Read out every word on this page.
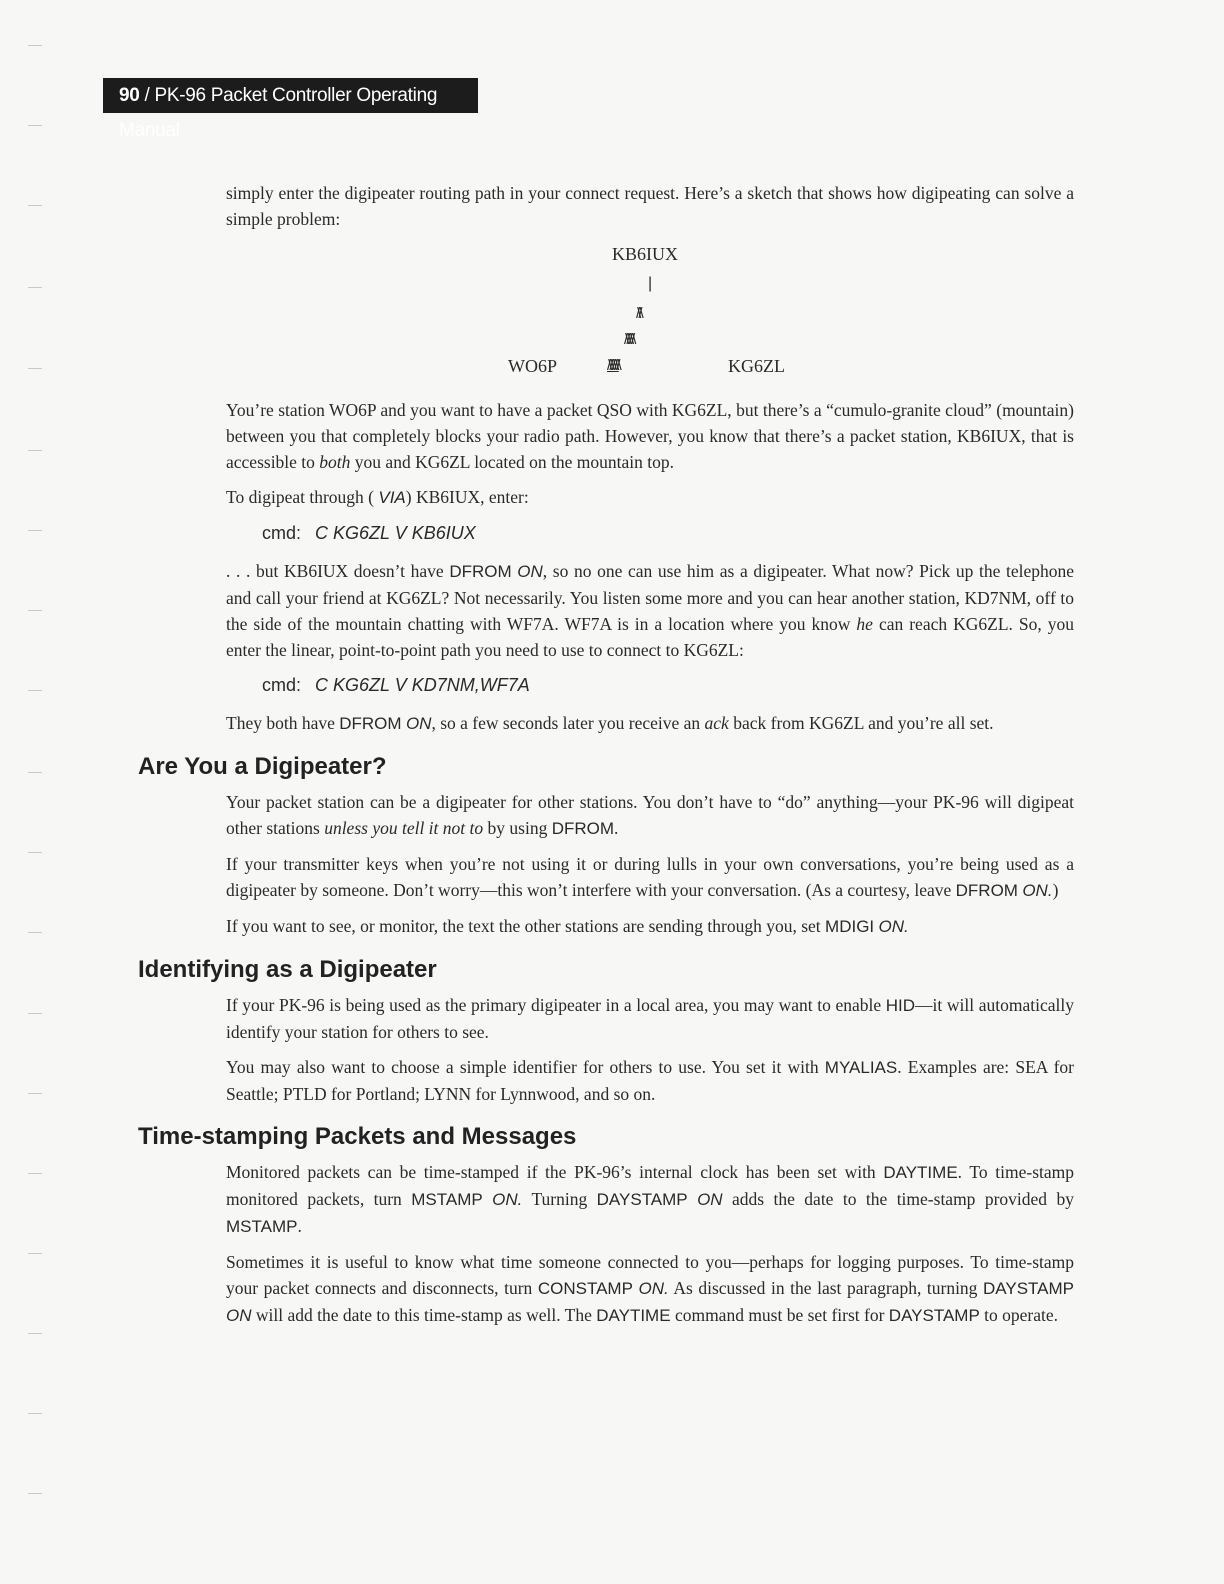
90 / PK-96 Packet Controller Operating Manual

simply enter the digipeater routing path in your connect request. Here’s a sketch that shows how digipeating can solve a simple problem:

KB6IUX
|
/\/\
/\/\/\/\
WO6P	/\/\/\/\/\	KG6ZL

You’re station WO6P and you want to have a packet QSO with KG6ZL, but there’s a “cumulo-granite cloud” (mountain) between you that completely blocks your radio path. However, you know that there’s a packet station, KB6IUX, that is accessible to both you and KG6ZL located on the mountain top.

To digipeat through ( VIA) KB6IUX, enter:

cmd: C KG6ZL V KB6IUX

. . . but KB6IUX doesn’t have DFROM ON, so no one can use him as a digipeater. What now? Pick up the telephone and call your friend at KG6ZL? Not necessarily. You listen some more and you can hear another station, KD7NM, off to the side of the mountain chatting with WF7A. WF7A is in a location where you know he can reach KG6ZL. So, you enter the linear, point-to-point path you need to use to connect to KG6ZL:

cmd: C KG6ZL V KD7NM,WF7A

They both have DFROM ON, so a few seconds later you receive an ack back from KG6ZL and you’re all set.

Are You a Digipeater?

Your packet station can be a digipeater for other stations. You don’t have to “do” anything—your PK-96 will digipeat other stations unless you tell it not to by using DFROM.

If your transmitter keys when you’re not using it or during lulls in your own conversations, you’re being used as a digipeater by someone. Don’t worry—this won’t interfere with your conversation. (As a courtesy, leave DFROM ON.)

If you want to see, or monitor, the text the other stations are sending through you, set MDIGI ON.

Identifying as a Digipeater

If your PK-96 is being used as the primary digipeater in a local area, you may want to enable HID—it will automatically identify your station for others to see.

You may also want to choose a simple identifier for others to use. You set it with MYALIAS. Examples are: SEA for Seattle; PTLD for Portland; LYNN for Lynnwood, and so on.

Time-stamping Packets and Messages

Monitored packets can be time-stamped if the PK-96’s internal clock has been set with DAYTIME. To time-stamp monitored packets, turn MSTAMP ON. Turning DAYSTAMP ON adds the date to the time-stamp provided by MSTAMP.

Sometimes it is useful to know what time someone connected to you—perhaps for logging purposes. To time-stamp your packet connects and disconnects, turn CONSTAMP ON. As discussed in the last paragraph, turning DAYSTAMP ON will add the date to this time-stamp as well. The DAYTIME command must be set first for DAYSTAMP to operate.
